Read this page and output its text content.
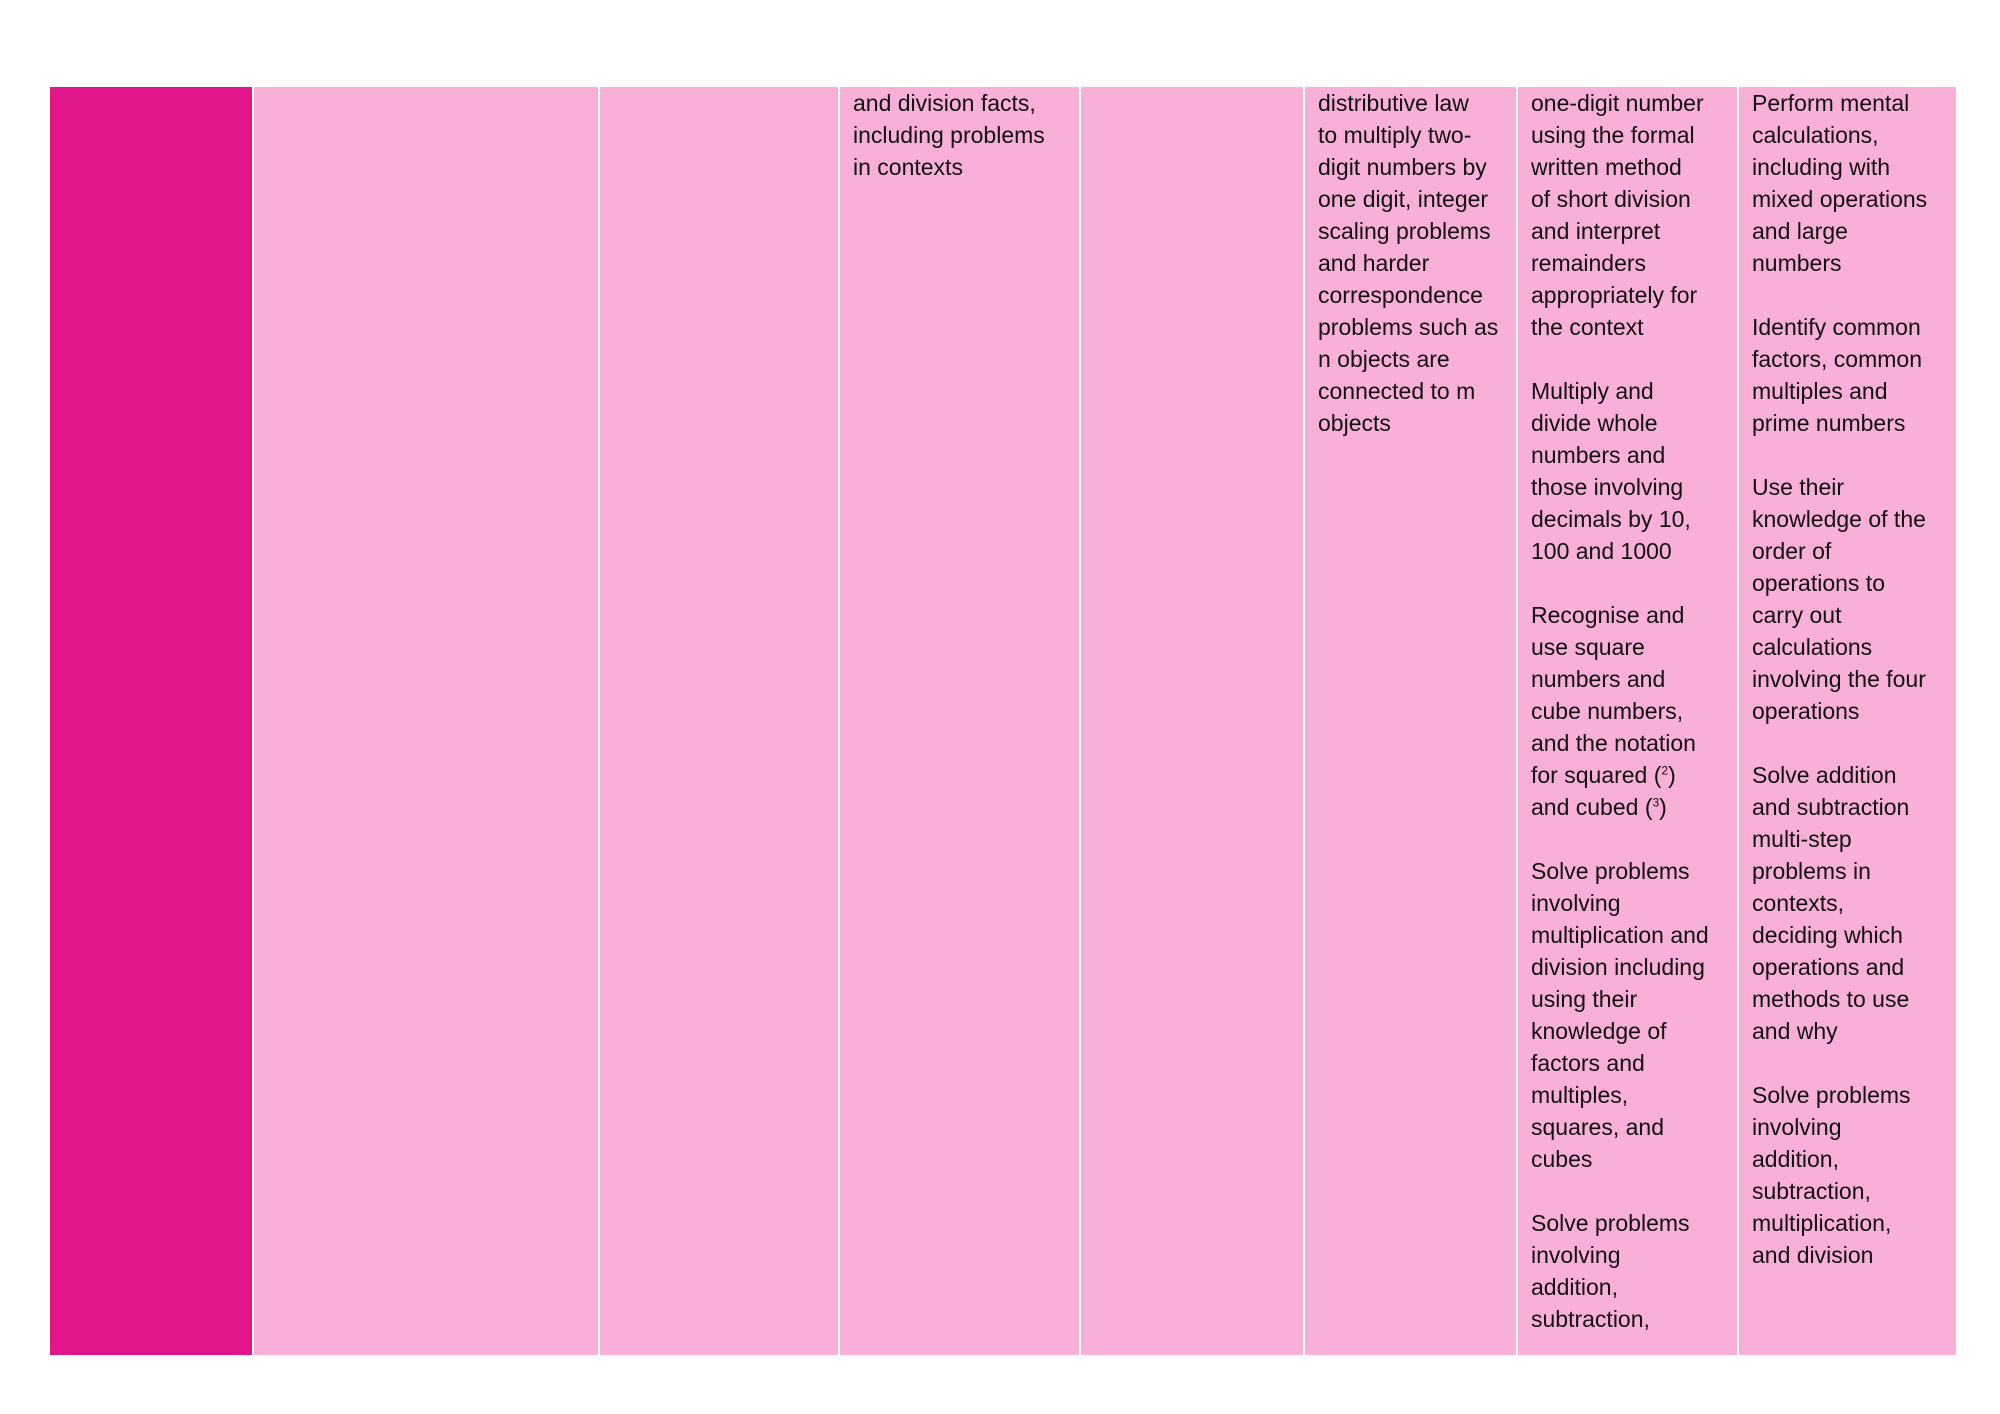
and division facts,
including problems
in contexts

distributive law
to multiply two-
digit numbers by
one digit, integer
scaling problems
and harder
correspondence
problems such as
n objects are
connected to m
objects

one-digit number
using the formal
written method
of short division
and interpret
remainders
appropriately for
the context

Multiply and
divide whole
numbers and
those involving
decimals by 10,
100 and 1000

Recognise and
use square
numbers and
cube numbers,
and the notation
for squared ($^2$)
and cubed ($^3$)

Solve problems
involving
multiplication and
division including
using their
knowledge of
factors and
multiples,
squares, and
cubes

Solve problems
involving
addition,
subtraction,

Perform mental
calculations,
including with
mixed operations
and large
numbers

Identify common
factors, common
multiples and
prime numbers

Use their
knowledge of the
order of
operations to
carry out
calculations
involving the four
operations

Solve addition
and subtraction
multi-step
problems in
contexts,
deciding which
operations and
methods to use
and why

Solve problems
involving
addition,
subtraction,
multiplication,
and division
